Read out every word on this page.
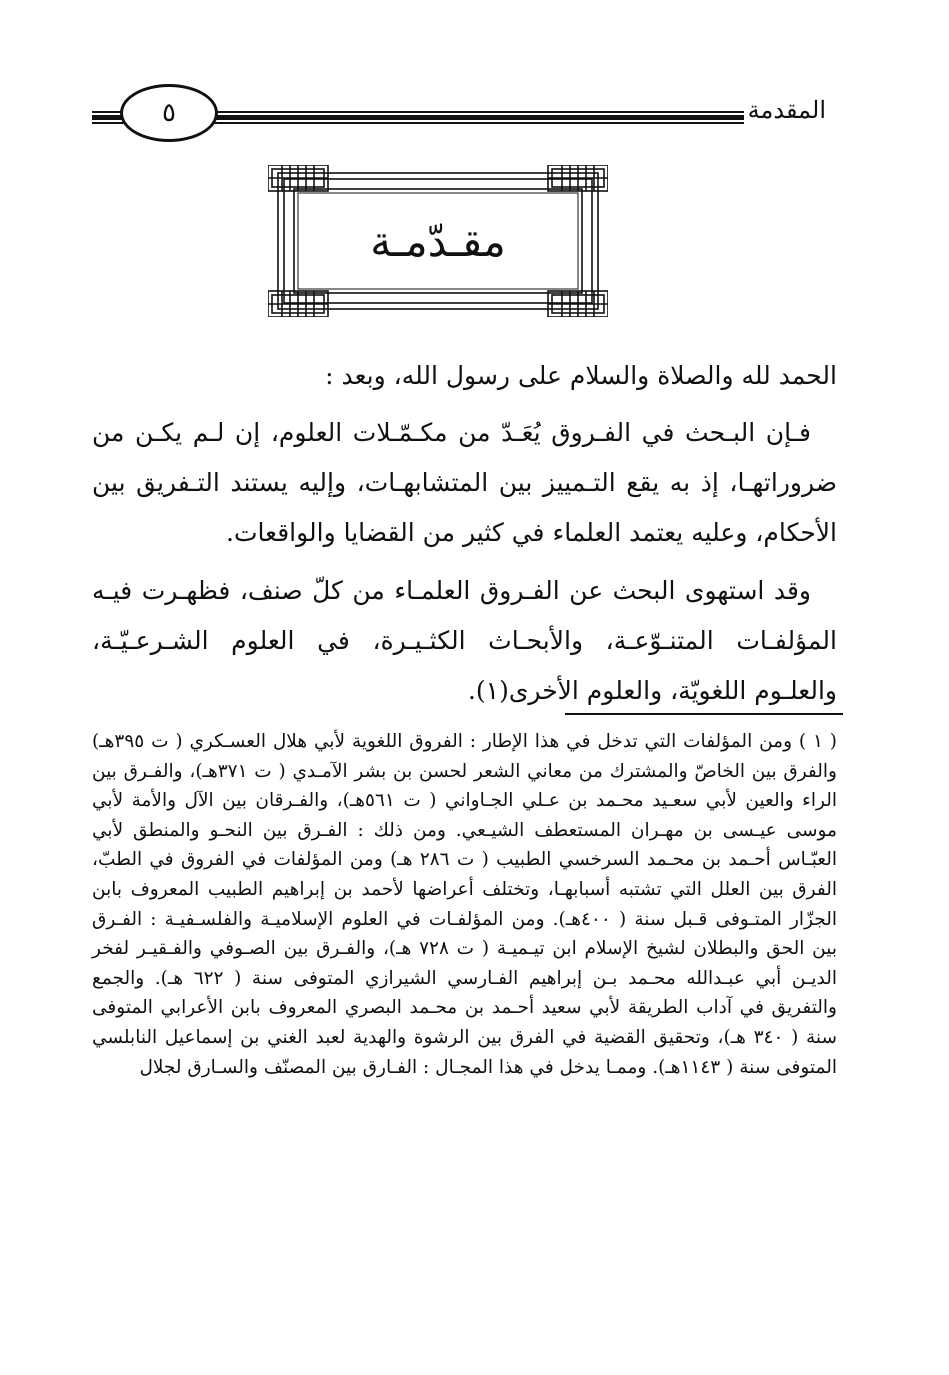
المقدمة
٥
مقـدّمـة
الحمد لله والصلاة والسلام على رسول الله، وبعد :
فـإن البـحث في الفـروق يُعَـدّ من مكـمّـلات العلوم، إن لـم يكـن من ضروراتهـا، إذ به يقع التـمييز بين المتشابهـات، وإليه يستند التـفريق بين الأحكام، وعليه يعتمد العلماء في كثير من القضايا والواقعات.
وقد استهوى البحث عن الفـروق العلمـاء من كلّ صنف، فظهـرت فيـه المؤلفـات المتنـوّعـة، والأبحـاث الكثـيـرة، في العلوم الشـرعـيّـة، والعلـوم اللغويّة، والعلوم الأخرى(١).

( ١ ) ومن المؤلفات التي تدخل في هذا الإطار : الفروق اللغوية لأبي هلال العسـكري ( ت ٣٩٥هـ) والفرق بين الخاصّ والمشترك من معاني الشعر لحسن بن بشر الآمـدي ( ت ٣٧١هـ)، والفـرق بين الراء والعين لأبي سعـيد محـمد بن عـلي الجـاواني ( ت ٥٦١هـ)، والفـرقان بين الآل والأمة لأبي موسى عيـسى بن مهـران المستعطف الشيـعي. ومن ذلك : الفـرق بين النحـو والمنطق لأبي العبّـاس أحـمد بن محـمد السرخسي الطبيب ( ت ٢٨٦ هـ) ومن المؤلفات في الفروق في الطبّ، الفرق بين العلل التي تشتبه أسبابهـا، وتختلف أعراضها لأحمد بن إبراهيم الطبيب المعروف بابن الجزّار المتـوفى قـبل سنة ( ٤٠٠هـ). ومن المؤلفـات في العلوم الإسلاميـة والفلسـفيـة : الفـرق بين الحق والبطلان لشيخ الإسلام ابن تيـميـة ( ت ٧٢٨ هـ)، والفـرق بين الصـوفي والفـقيـر لفخر الديـن أبي عبـدالله محـمد بـن إبراهيم الفـارسي الشيرازي المتوفى سنة ( ٦٢٢ هـ). والجمع والتفريق في آداب الطريقة لأبي سعيد أحـمد بن محـمد البصري المعروف بابن الأعرابي المتوفى سنة ( ٣٤٠ هـ)، وتحقيق القضية في الفرق بين الرشوة والهدية لعبد الغني بن إسماعيل النابلسي المتوفى سنة ( ١١٤٣هـ). وممـا يدخل في هذا المجـال : الفـارق بين المصنّف والسـارق لجلال
